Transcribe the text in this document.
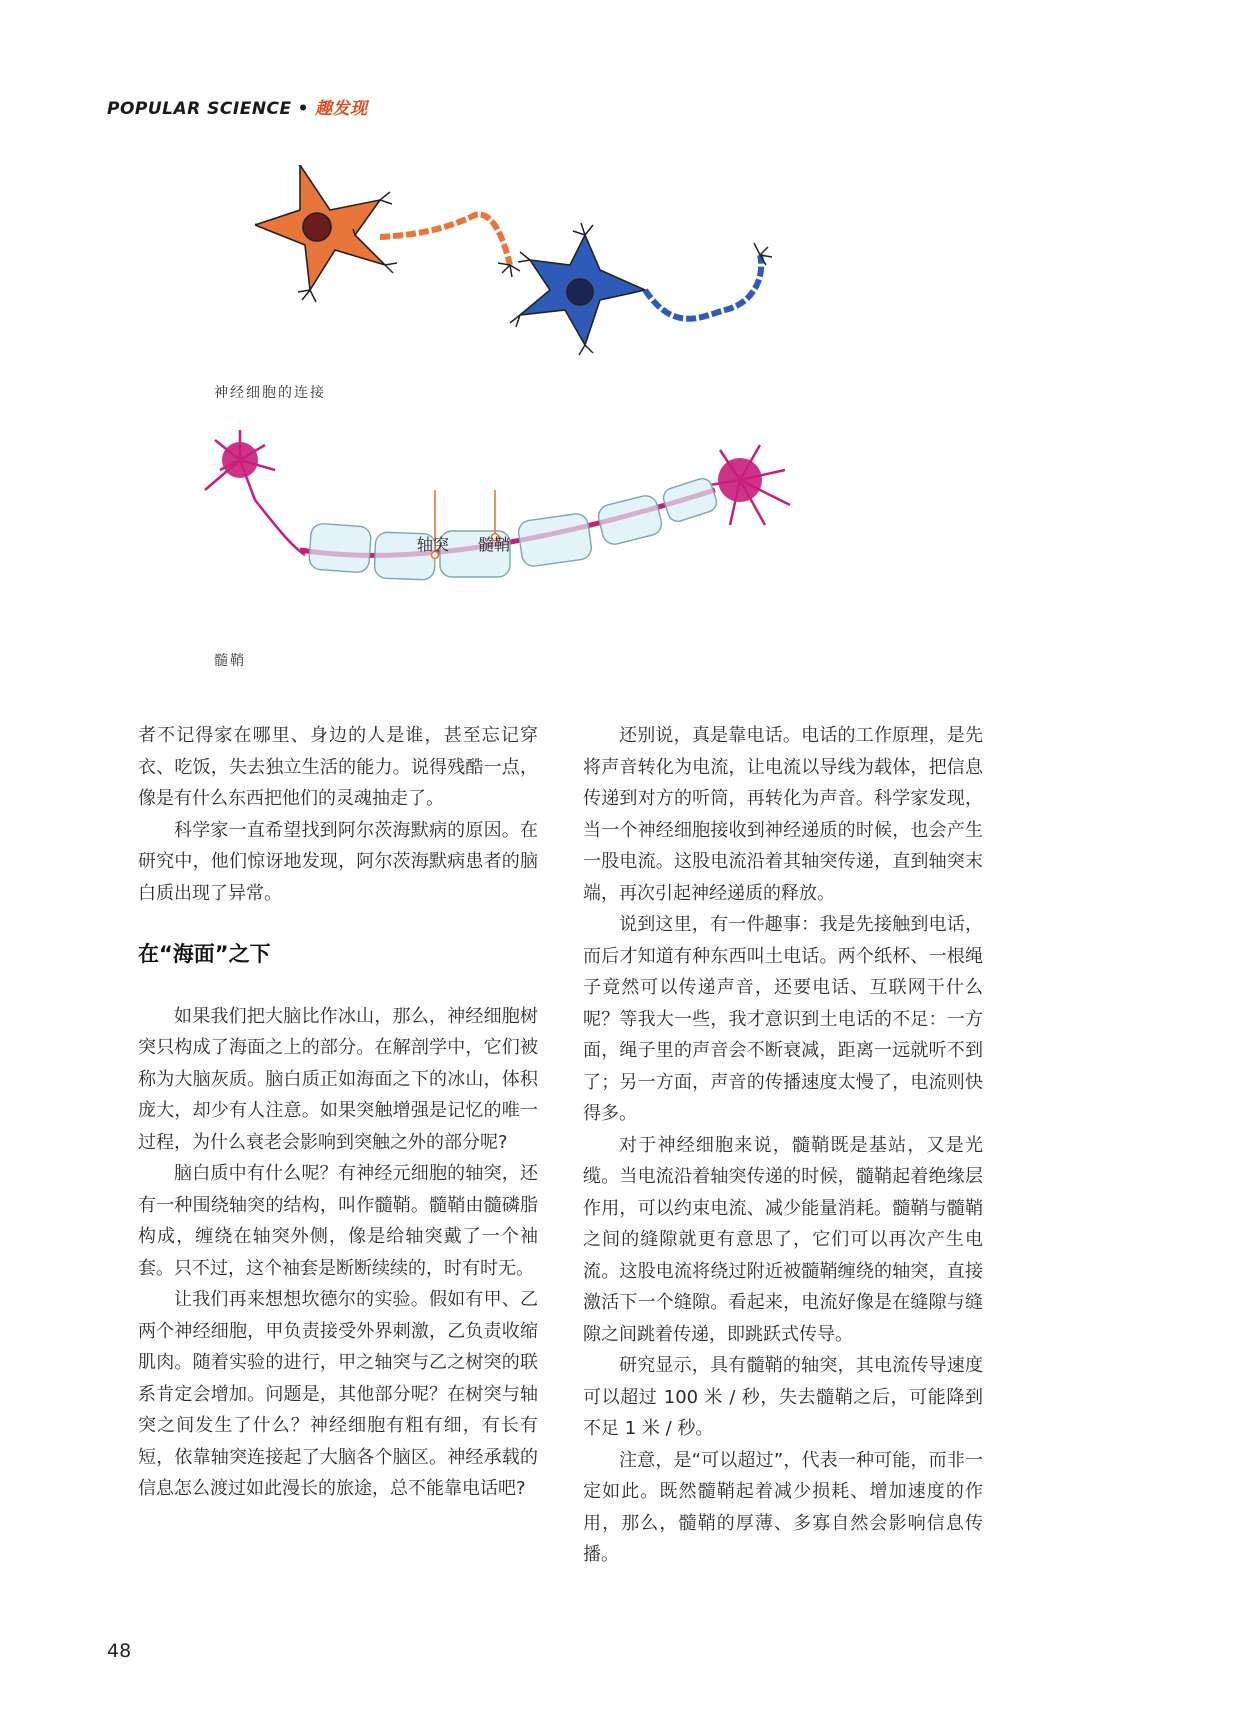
POPULAR SCIENCE • 趣发现
神经细胞的连接
轴突 髓鞘
髓鞘

者不记得家在哪里、身边的人是谁，甚至忘记穿衣、吃饭，失去独立生活的能力。说得残酷一点，像是有什么东西把他们的灵魂抽走了。

科学家一直希望找到阿尔茨海默病的原因。在研究中，他们惊讶地发现，阿尔茨海默病患者的脑白质出现了异常。

在“海面”之下

如果我们把大脑比作冰山，那么，神经细胞树突只构成了海面之上的部分。在解剖学中，它们被称为大脑灰质。脑白质正如海面之下的冰山，体积庞大，却少有人注意。如果突触增强是记忆的唯一过程，为什么衰老会影响到突触之外的部分呢?

脑白质中有什么呢？有神经元细胞的轴突，还有一种围绕轴突的结构，叫作髓鞘。髓鞘由髓磷脂构成，缠绕在轴突外侧，像是给轴突戴了一个袖套。只不过，这个袖套是断断续续的，时有时无。

让我们再来想想坎德尔的实验。假如有甲、乙两个神经细胞，甲负责接受外界刺激，乙负责收缩肌肉。随着实验的进行，甲之轴突与乙之树突的联系肯定会增加。问题是，其他部分呢？在树突与轴突之间发生了什么？神经细胞有粗有细，有长有短，依靠轴突连接起了大脑各个脑区。神经承载的信息怎么渡过如此漫长的旅途，总不能靠电话吧?

还别说，真是靠电话。电话的工作原理，是先将声音转化为电流，让电流以导线为载体，把信息传递到对方的听筒，再转化为声音。科学家发现，当一个神经细胞接收到神经递质的时候，也会产生一股电流。这股电流沿着其轴突传递，直到轴突末端，再次引起神经递质的释放。

说到这里，有一件趣事：我是先接触到电话，而后才知道有种东西叫土电话。两个纸杯、一根绳子竟然可以传递声音，还要电话、互联网干什么呢？等我大一些，我才意识到土电话的不足：一方面，绳子里的声音会不断衰减，距离一远就听不到了；另一方面，声音的传播速度太慢了，电流则快得多。

对于神经细胞来说，髓鞘既是基站，又是光缆。当电流沿着轴突传递的时候，髓鞘起着绝缘层作用，可以约束电流、减少能量消耗。髓鞘与髓鞘之间的缝隙就更有意思了，它们可以再次产生电流。这股电流将绕过附近被髓鞘缠绕的轴突，直接激活下一个缝隙。看起来，电流好像是在缝隙与缝隙之间跳着传递，即跳跃式传导。

研究显示，具有髓鞘的轴突，其电流传导速度可以超过 100 米 / 秒，失去髓鞘之后，可能降到不足 1 米 / 秒。

注意，是“可以超过”，代表一种可能，而非一定如此。既然髓鞘起着减少损耗、增加速度的作用，那么，髓鞘的厚薄、多寡自然会影响信息传播。

48
